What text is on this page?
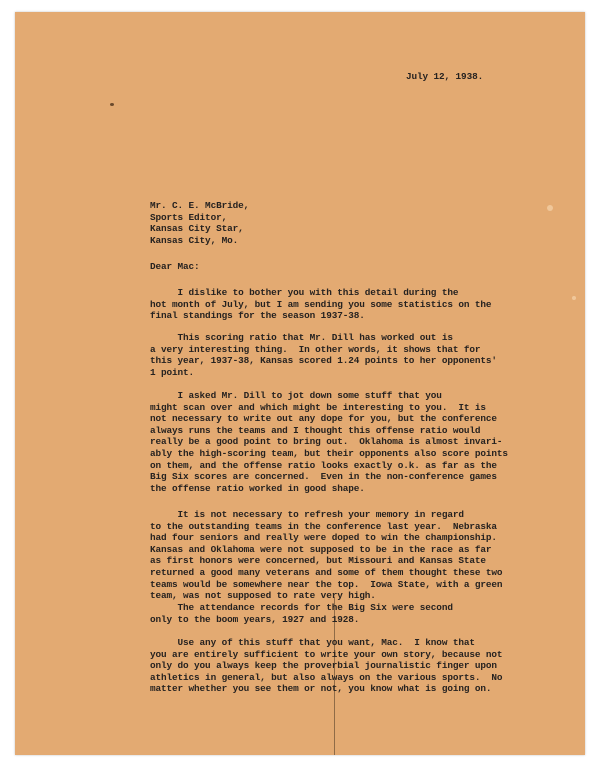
July 12, 1938.
Mr. C. E. McBride,
Sports Editor,
Kansas City Star,
Kansas City, Mo.
Dear Mac:
I dislike to bother you with this detail during the
hot month of July, but I am sending you some statistics on the
final standings for the season 1937-38.
This scoring ratio that Mr. Dill has worked out is
a very interesting thing.  In other words, it shows that for
this year, 1937-38, Kansas scored 1.24 points to her opponents'
1 point.
I asked Mr. Dill to jot down some stuff that you
might scan over and which might be interesting to you.  It is
not necessary to write out any dope for you, but the conference
always runs the teams and I thought this offense ratio would
really be a good point to bring out.  Oklahoma is almost invari-
ably the high-scoring team, but their opponents also score points
on them, and the offense ratio looks exactly o.k. as far as the
Big Six scores are concerned.  Even in the non-conference games
the offense ratio worked in good shape.
It is not necessary to refresh your memory in regard
to the outstanding teams in the conference last year.  Nebraska
had four seniors and really were doped to win the championship.
Kansas and Oklahoma were not supposed to be in the race as far
as first honors were concerned, but Missouri and Kansas State
returned a good many veterans and some of them thought these two
teams would be somewhere near the top.  Iowa State, with a green
team, was not supposed to rate very high.
The attendance records for the Big Six were second
only to the boom years, 1927 and 1928.
Use any of this stuff that you want, Mac.  I know that
you are entirely sufficient to write your own story, because not
only do you always keep the proverbial journalistic finger upon
athletics in general, but also always on the various sports.  No
matter whether you see them or not, you know what is going on.
